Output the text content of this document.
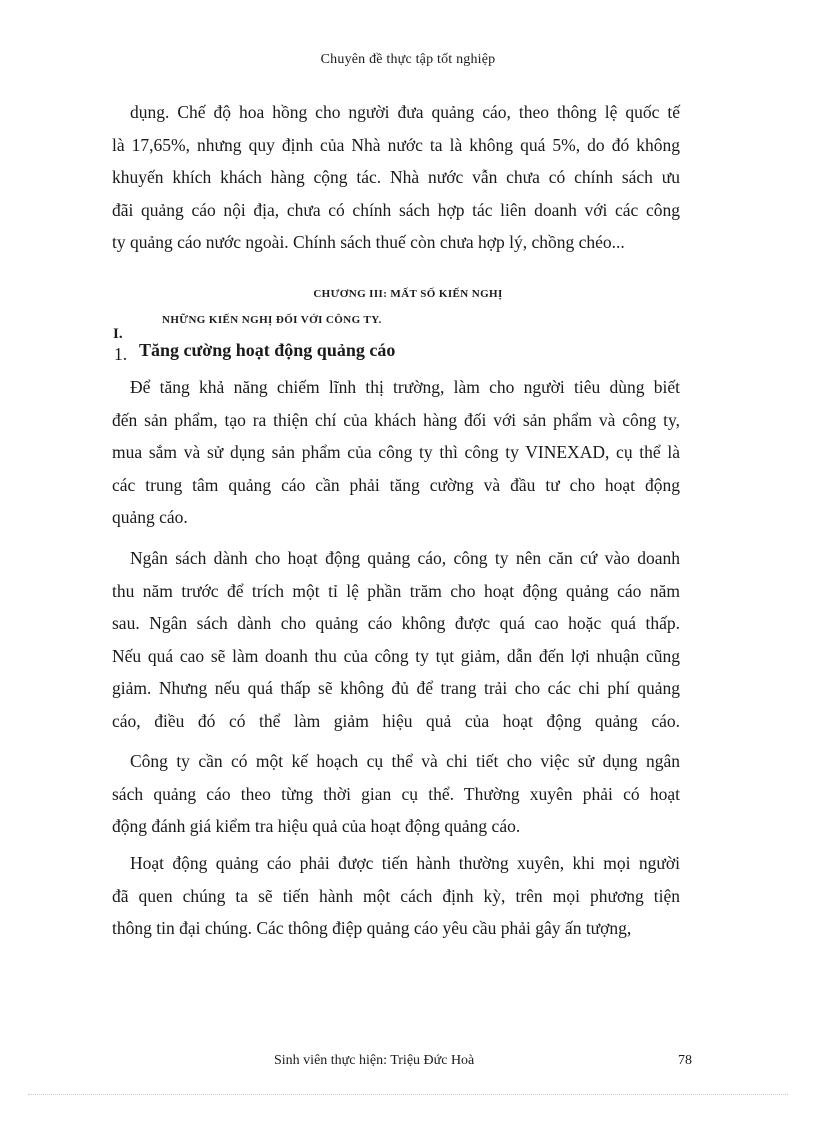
Chuyên đề thực tập tốt nghiệp
dụng. Chế độ hoa hồng cho người đưa quảng cáo, theo thông lệ quốc tế
là 17,65%, nhưng quy định của Nhà nước ta là không quá 5%, do đó không
khuyến khích khách hàng cộng tác. Nhà nước vẫn chưa có chính sách ưu
đãi quảng cáo nội địa, chưa có chính sách hợp tác liên doanh với các công
ty quảng cáo nước ngoài. Chính sách thuế còn chưa hợp lý, chồng chéo...
CHƯƠNG III: MẤT SỐ KIẾN NGHỊ
NHỮNG KIẾN NGHỊ ĐỐI VỚI CÔNG TY.
I.
1. Tăng cường hoạt động quảng cáo
Để tăng khả năng chiếm lĩnh thị trường, làm cho người tiêu dùng biết
đến sản phẩm, tạo ra thiện chí của khách hàng đối với sản phẩm và công ty,
mua sắm và sử dụng sản phẩm của công ty thì công ty VINEXAD, cụ thể là
các trung tâm quảng cáo cần phải tăng cường và đầu tư cho hoạt động
quảng cáo.
Ngân sách dành cho hoạt động quảng cáo, công ty nên căn cứ vào doanh
thu năm trước để trích một tỉ lệ phần trăm cho hoạt động quảng cáo năm
sau. Ngân sách dành cho quảng cáo không được quá cao hoặc quá thấp.
Nếu quá cao sẽ làm doanh thu của công ty tụt giảm, dẫn đến lợi nhuận cũng
giảm. Nhưng nếu quá thấp sẽ không đủ để trang trải cho các chi phí quảng
cáo, điều đó có thể làm giảm hiệu quả của hoạt động quảng cáo.
Công ty cần có một kế hoạch cụ thể và chi tiết cho việc sử dụng ngân
sách quảng cáo theo từng thời gian cụ thể. Thường xuyên phải có hoạt
động đánh giá kiểm tra hiệu quả của hoạt động quảng cáo.
Hoạt động quảng cáo phải được tiến hành thường xuyên, khi mọi người
đã quen chúng ta sẽ tiến hành một cách định kỳ, trên mọi phương tiện
thông tin đại chúng. Các thông điệp quảng cáo yêu cầu phải gây ấn tượng,
Sinh viên thực hiện: Triệu Đức Hoà	78
